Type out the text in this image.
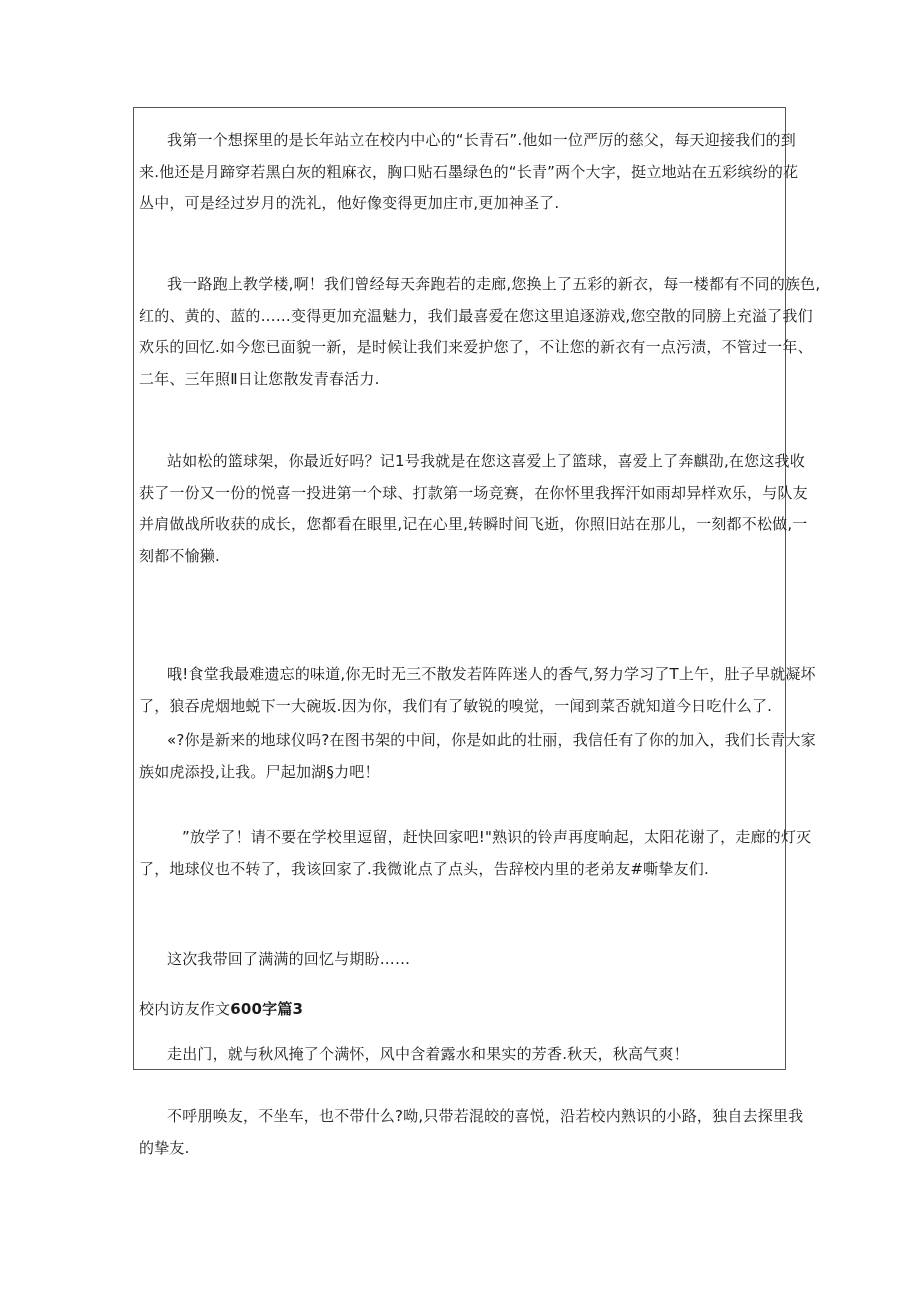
我第一个想探里的是长年站立在校内中心的“长青石”.他如一位严厉的慈父，每天迎接我们的到
来.他还是月蹄穿若黑白灰的粗麻衣，胸口贴石墨绿色的“长青”两个大字，挺立地站在五彩缤纷的花
丛中，可是经过岁月的洗礼，他好像变得更加庄市,更加神圣了.
我一路跑上教学楼,啊！我们曾经每天奔跑若的走廊,您换上了五彩的新衣，每一楼都有不同的族色,
红的、黄的、蓝的……变得更加充温魅力，我们最喜爱在您这里追逐游戏,您空散的同膀上充溢了我们
欢乐的回忆.如今您已面貌一新，是时候让我们来爱护您了，不让您的新衣有一点污渍，不管过一年、
二年、三年照Ⅱ日让您散发青春活力.
站如松的篮球架，你最近好吗？记1号我就是在您这喜爱上了篮球，喜爱上了奔麒劭,在您这我收
获了一份又一份的悦喜一投进第一个球、打款第一场竞赛，在你怀里我挥汗如雨却异样欢乐，与队友
并肩做战所收获的成长，您都看在眼里,记在心里,转瞬时间飞逝，你照旧站在那儿，一刻都不松做,一
刻都不愉獭.
哦!食堂我最难遗忘的味道,你无时无三不散发若阵阵迷人的香气,努力学习了T上午，肚子早就凝坏
了，狼吞虎烟地蜕下一大碗坂.因为你，我们有了敏锐的嗅觉，一闻到菜否就知道今日吃什么了.
«?你是新来的地球仪吗?在图书架的中间，你是如此的壮丽，我信任有了你的加入，我们长青大家
族如虎添投,让我。尸起加湖§力吧！
”放学了！请不要在学校里逗留，赶快回家吧!"熟识的铃声再度晌起，太阳花谢了，走廊的灯灭
了，地球仪也不转了，我该回家了.我微讹点了点头，告辞校内里的老弟友#嘶挚友们.
这次我带回了满满的回忆与期盼……
校内访友作文600字篇3
走出门，就与秋风掩了个满怀，风中含着露水和果实的芳香.秋天，秋高气爽！
不呼朋唤友，不坐车，也不带什么?呦,只带若混皎的喜悦，沿若校内熟识的小路，独自去探里我
的挚友.
